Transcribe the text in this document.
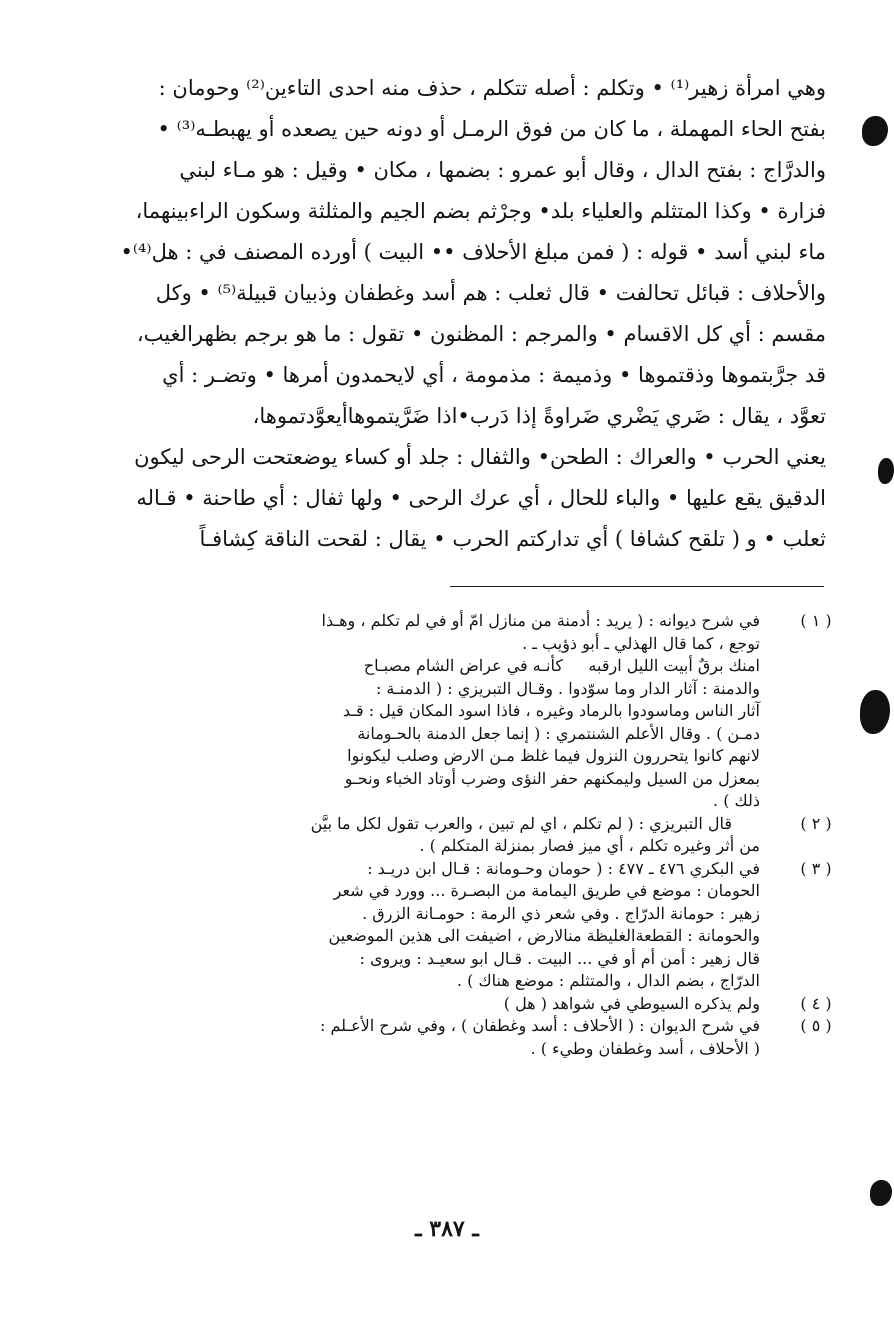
وهي امرأة زهير⁽¹⁾ • وتكلم : أصله تتكلم ، حذف منه احدى التاءين⁽²⁾ وحومان :
بفتح الحاء المهملة ، ما كان من فوق الرمـل أو دونه حين يصعده أو يهبطـه⁽³⁾ •
والدرَّاج : بفتح الدال ، وقال أبو عمرو : بضمها ، مكان • وقيل : هو مـاء لبني
فزارة • وكذا المتثلم والعلياء بلد• وجرْثم بضم الجيم والمثلثة وسكون الراءبينهما،
ماء لبني أسد • قوله : ( فمن مبلغ الأحلاف •• البيت ) أورده المصنف في : هل⁽⁴⁾•
والأحلاف : قبائل تحالفت • قال ثعلب : هم أسد وغطفان وذبيان قبيلة⁽⁵⁾ • وكل
مقسم : أي كل الاقسام • والمرجم : المظنون • تقول : ما هو برجم بظهرالغيب،
قد جرَّبتموها وذقتموها • وذميمة : مذمومة ، أي لايحمدون أمرها • وتضـر : أي
تعوَّد ، يقال : ضَري يَضْري ضَراوةً إذا دَرب•اذا ضَرَّيتموهاأيعوَّدتموها،
يعني الحرب • والعراك : الطحن• والثفال : جلد أو كساء يوضعتحت الرحى ليكون
الدقيق يقع عليها • والباء للحال ، أي عرك الرحى • ولها ثفال : أي طاحنة • قـاله
ثعلب • و ( تلقح كشافا ) أي تداركتم الحرب • يقال : لقحت الناقة كِشافـاً
( ١ )
في شرح ديوانه : ( يريد : أدمنة من منازل امّ أو في لم تكلم ، وهـذا
توجع ، كما قال الهذلي ـ أبو ذؤيب ـ .
امنك برقٌ أبيت الليل ارقبه     كأنـه في عراض الشام مصبـاح
والدمنة : آثار الدار وما سوّدوا . وقـال التبريزي : ( الدمنـة :
آثار الناس وماسودوا بالرماد وغيره ، فاذا اسود المكان قيل : قـد
دمـن ) . وقال الأعلم الشنتمري : ( إنما جعل الدمنة بالحـومانة
لانهم كانوا يتحررون النزول فيما غلظ مـن الارض وصلب ليكونوا
بمعزل من السيل وليمكنهم حفر النؤى وضرب أوتاد الخباء ونحـو
ذلك ) .
( ٢ )
قال التبريزي : ( لم تكلم ، اي لم تبين ، والعرب تقول لكل ما بيَّن
من أثر وغيره تكلم ، أي ميز فصار بمنزلة المتكلم ) .
( ٣ )
في البكري ٤٧٦ ـ ٤٧٧ : ( حومان وحـومانة : قـال ابن دريـد :
الحومان : موضع في طريق اليمامة من البصـرة ... وورد في شعر
زهير : حومانة الدرّاج . وفي شعر ذي الرمة : حومـانة الزرق .
والحومانة : القطعةالغليظة منالارض ، اضيفت الى هذين الموضعين
قال زهير : أمن أم أو في ... البيت . قـال ابو سعيـد : ويروى :
الدرّاج ، بضم الدال ، والمتثلم : موضع هناك ) .
( ٤ )
ولم يذكره السيوطي في شواهد ( هل )
( ٥ )
في شرح الديوان : ( الأحلاف : أسد وغطفان ) ، وفي شرح الأعـلم :
( الأحلاف ، أسد وغطفان وطيء ) .
ـ ٣٨٧ ـ
